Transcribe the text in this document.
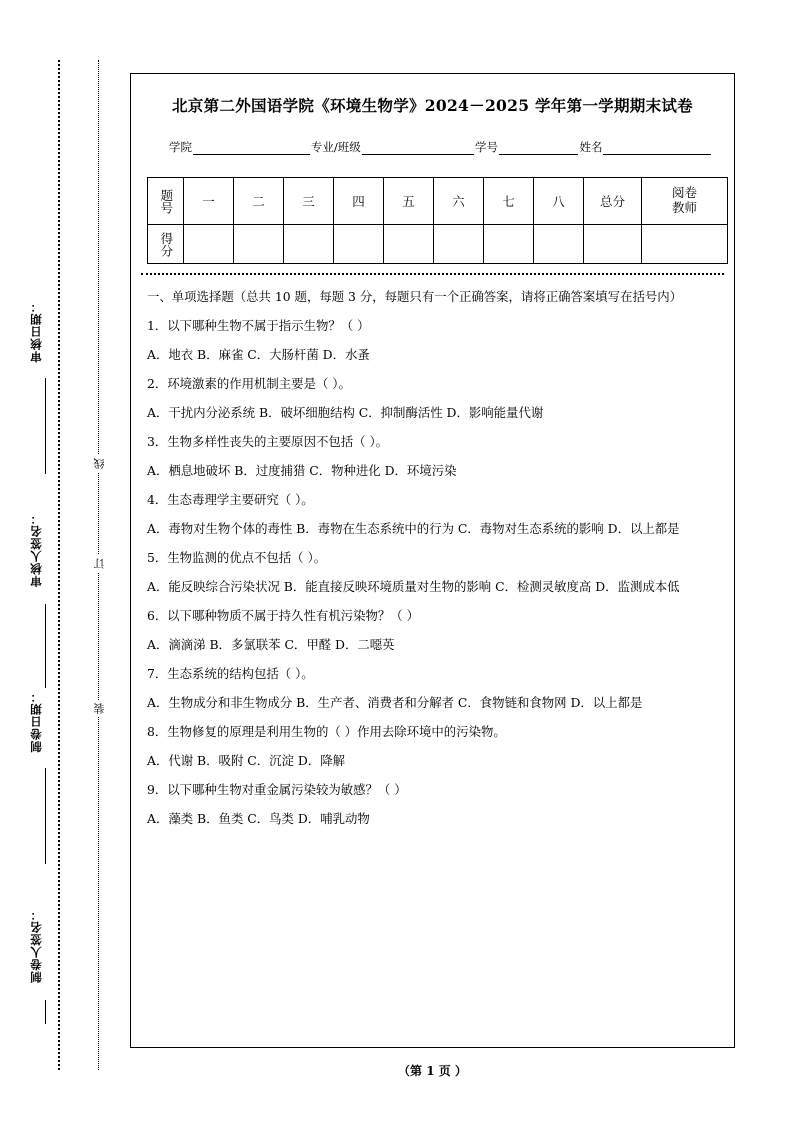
审核日期：
审核人签名：
制卷日期：
制卷人签名：
线
订
装
北京第二外国语学院《环境生物学》2024－2025 学年第一学期期末试卷
学院	专业/班级	学号	姓名
题号	一	二	三	四	五	六	七	八	总分	阅卷
教师

得分										

一、单项选择题（总共 10 题，每题 3 分，每题只有一个正确答案，请将正确答案填写在括号内）
1．以下哪种生物不属于指示生物？（ ）
A．地衣 B．麻雀 C．大肠杆菌 D．水蚤
2．环境激素的作用机制主要是（ ）。
A．干扰内分泌系统 B．破坏细胞结构 C．抑制酶活性 D．影响能量代谢
3．生物多样性丧失的主要原因不包括（ ）。
A．栖息地破坏 B．过度捕猎 C．物种进化 D．环境污染
4．生态毒理学主要研究（ ）。
A．毒物对生物个体的毒性 B．毒物在生态系统中的行为 C．毒物对生态系统的影响 D．以上都是
5．生物监测的优点不包括（ ）。
A．能反映综合污染状况 B．能直接反映环境质量对生物的影响 C．检测灵敏度高 D．监测成本低
6．以下哪种物质不属于持久性有机污染物？（ ）
A．滴滴涕 B．多氯联苯 C．甲醛 D．二噁英
7．生态系统的结构包括（ ）。
A．生物成分和非生物成分 B．生产者、消费者和分解者 C．食物链和食物网 D．以上都是
8．生物修复的原理是利用生物的（ ）作用去除环境中的污染物。
A．代谢 B．吸附 C．沉淀 D．降解
9．以下哪种生物对重金属污染较为敏感？（ ）
A．藻类 B．鱼类 C．鸟类 D．哺乳动物
（第 1 页 ）
